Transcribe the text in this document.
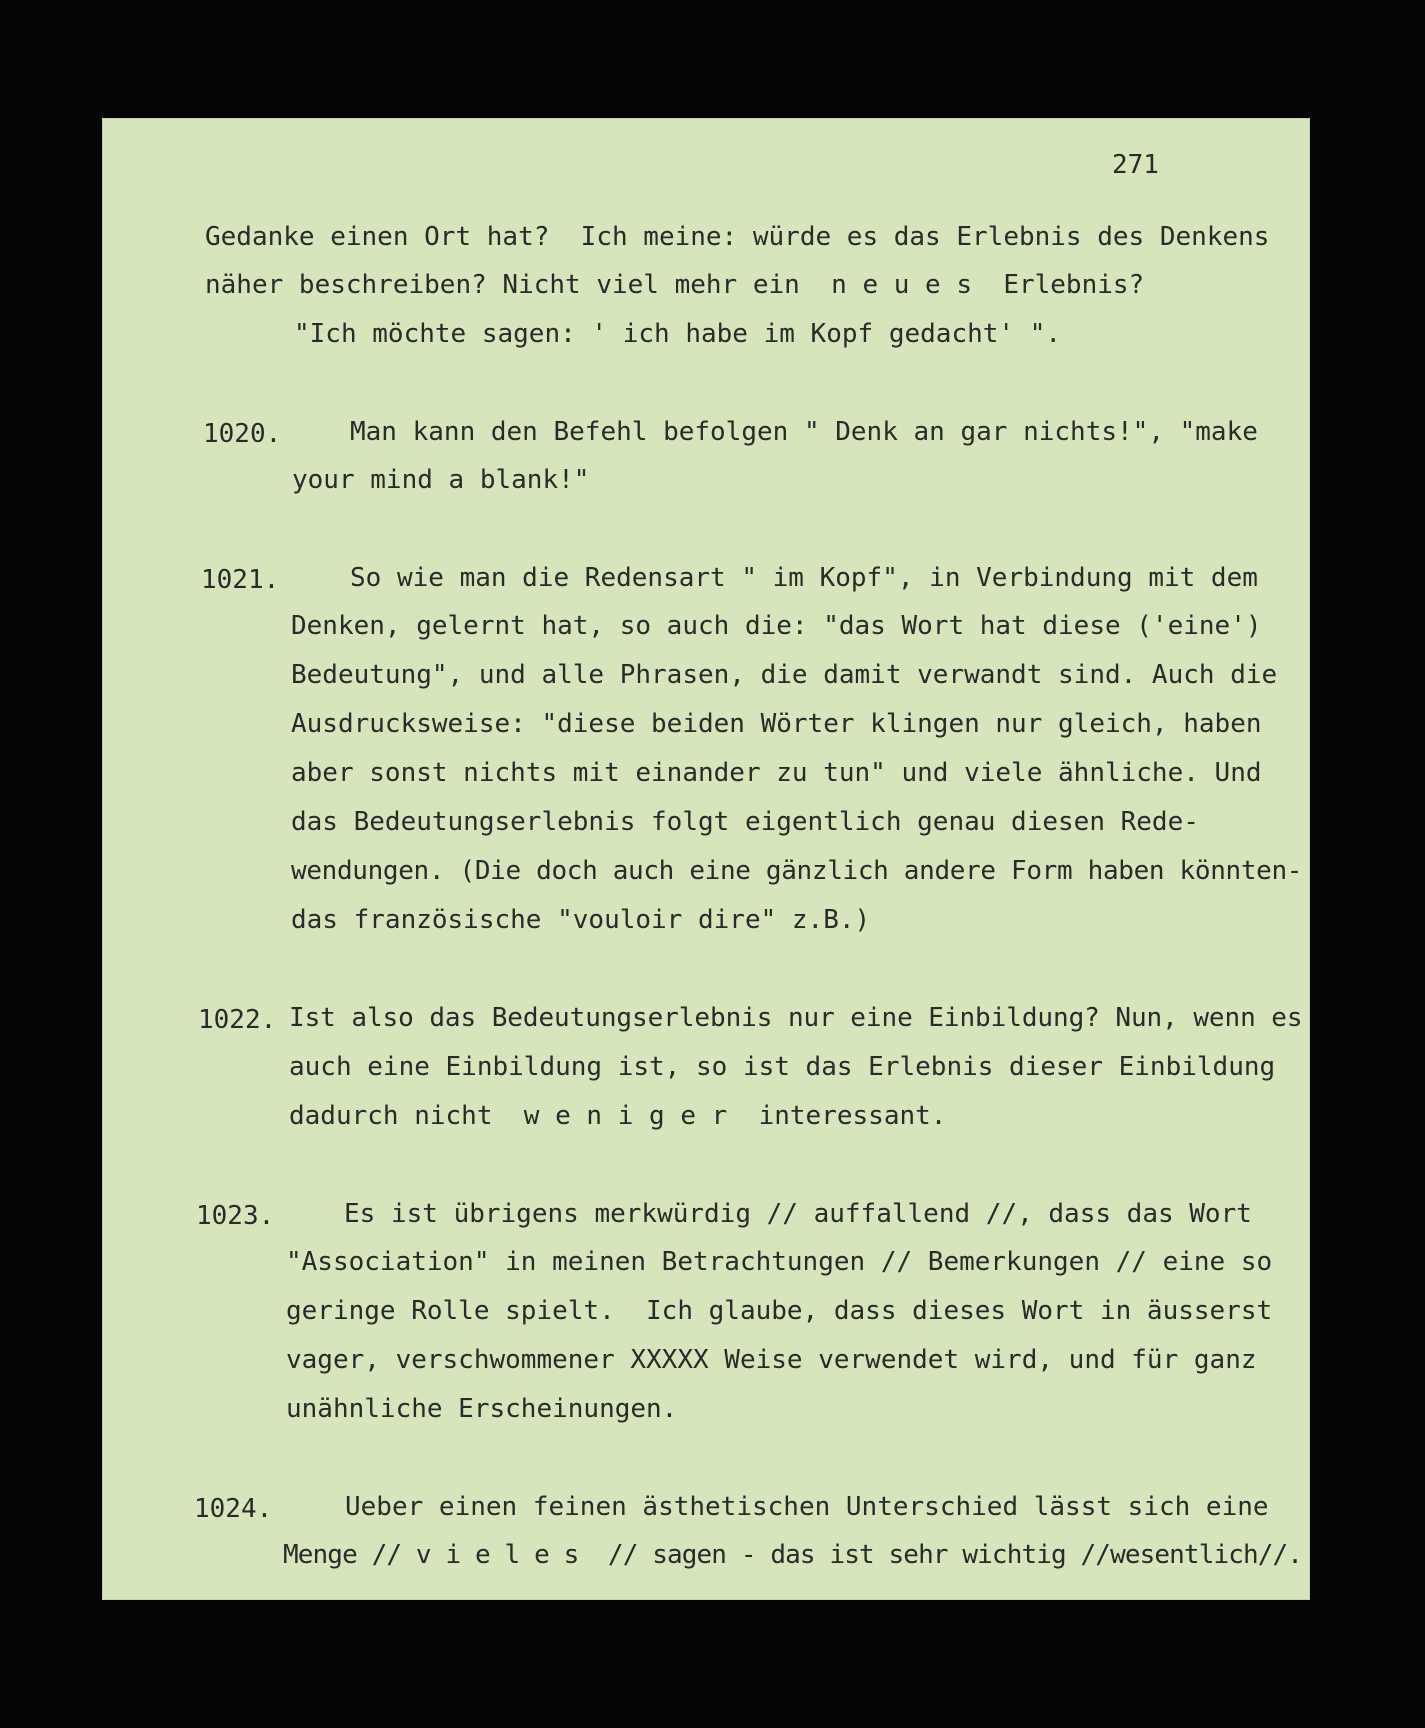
271
Gedanke einen Ort hat?  Ich meine: würde es das Erlebnis des Denkens
näher beschreiben? Nicht viel mehr ein  n e u e s  Erlebnis?
"Ich möchte sagen: ' ich habe im Kopf gedacht' ".
1020.	Man kann den Befehl befolgen " Denk an gar nichts!", "make
your mind a blank!"
1021.	So wie man die Redensart " im Kopf", in Verbindung mit dem
Denken, gelernt hat, so auch die: "das Wort hat diese ('eine')
Bedeutung", und alle Phrasen, die damit verwandt sind. Auch die
Ausdrucksweise: "diese beiden Wörter klingen nur gleich, haben
aber sonst nichts mit einander zu tun" und viele ähnliche. Und
das Bedeutungserlebnis folgt eigentlich genau diesen Rede-
wendungen. (Die doch auch eine gänzlich andere Form haben könnten-
das französische "vouloir dire" z.B.)
1022. Ist also das Bedeutungserlebnis nur eine Einbildung? Nun, wenn es
auch eine Einbildung ist, so ist das Erlebnis dieser Einbildung
dadurch nicht  w e n i g e r  interessant.
1023.	Es ist übrigens merkwürdig // auffallend //, dass das Wort
"Association" in meinen Betrachtungen // Bemerkungen // eine so
geringe Rolle spielt.  Ich glaube, dass dieses Wort in äusserst
vager, verschwommener XXXXX Weise verwendet wird, und für ganz
unähnliche Erscheinungen.
1024.	Ueber einen feinen ästhetischen Unterschied lässt sich eine
Menge // v i e l e s  // sagen - das ist sehr wichtig //wesentlich//.
